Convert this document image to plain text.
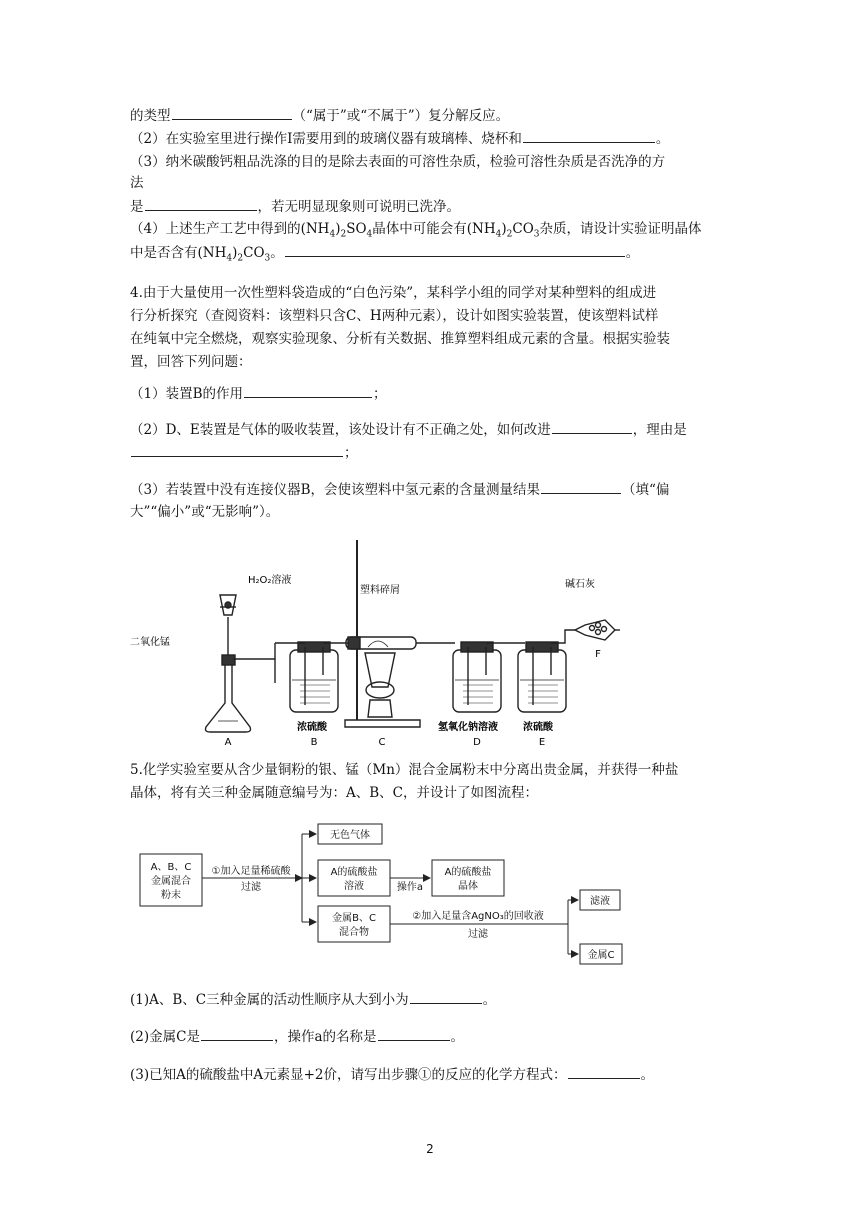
的类型	（“属于”或“不属于”）复分解反应。
（2）在实验室里进行操作Ⅰ需要用到的玻璃仪器有玻璃棒、烧杯和	。
（3）纳米碳酸钙粗品洗涤的目的是除去表面的可溶性杂质，检验可溶性杂质是否洗净的方
法
是	，若无明显现象则可说明已洗净。
（4）上述生产工艺中得到的$(NH_4)_2SO_4$晶体中可能会有$(NH_4)_2CO_3$杂质，请设计实验证明晶体
中是否含有$(NH_4)_2CO_3$。	。
4.由于大量使用一次性塑料袋造成的“白色污染”，某科学小组的同学对某种塑料的组成进
行分析探究（查阅资料：该塑料只含C、H两种元素），设计如图实验装置，使该塑料试样
在纯氧中完全燃烧，观察实验现象、分析有关数据、推算塑料组成元素的含量。根据实验装
置，回答下列问题：
（1）装置B的作用	；
（2）D、E装置是气体的吸收装置，该处设计有不正确之处，如何改进	，理由是
；
（3）若装置中没有连接仪器B，会使该塑料中氢元素的含量测量结果	（填“偏
大”“偏小”或“无影响”）。
H₂O₂溶液
二氧化锰
塑料碎屑
碱石灰
浓硫酸	氢氧化钠溶液	浓硫酸
A	B	C	D	E
F
5.化学实验室要从含少量铜粉的银、锰（Mn）混合金属粉末中分离出贵金属，并获得一种盐
晶体，将有关三种金属随意编号为：A、B、C，并设计了如图流程：
A、B、C
金属混合
粉末
①加入足量稀硫酸
过滤
无色气体
A的硫酸盐
溶液	操作a
A的硫酸盐
晶体
金属B、C
混合物
②加入足量含AgNO₃的回收液
过滤
滤液
金属C
(1)A、B、C三种金属的活动性顺序从大到小为	。
(2)金属C是	，操作a的名称是	。
(3)已知A的硫酸盐中A元素显+2价，请写出步骤①的反应的化学方程式：	。
2
